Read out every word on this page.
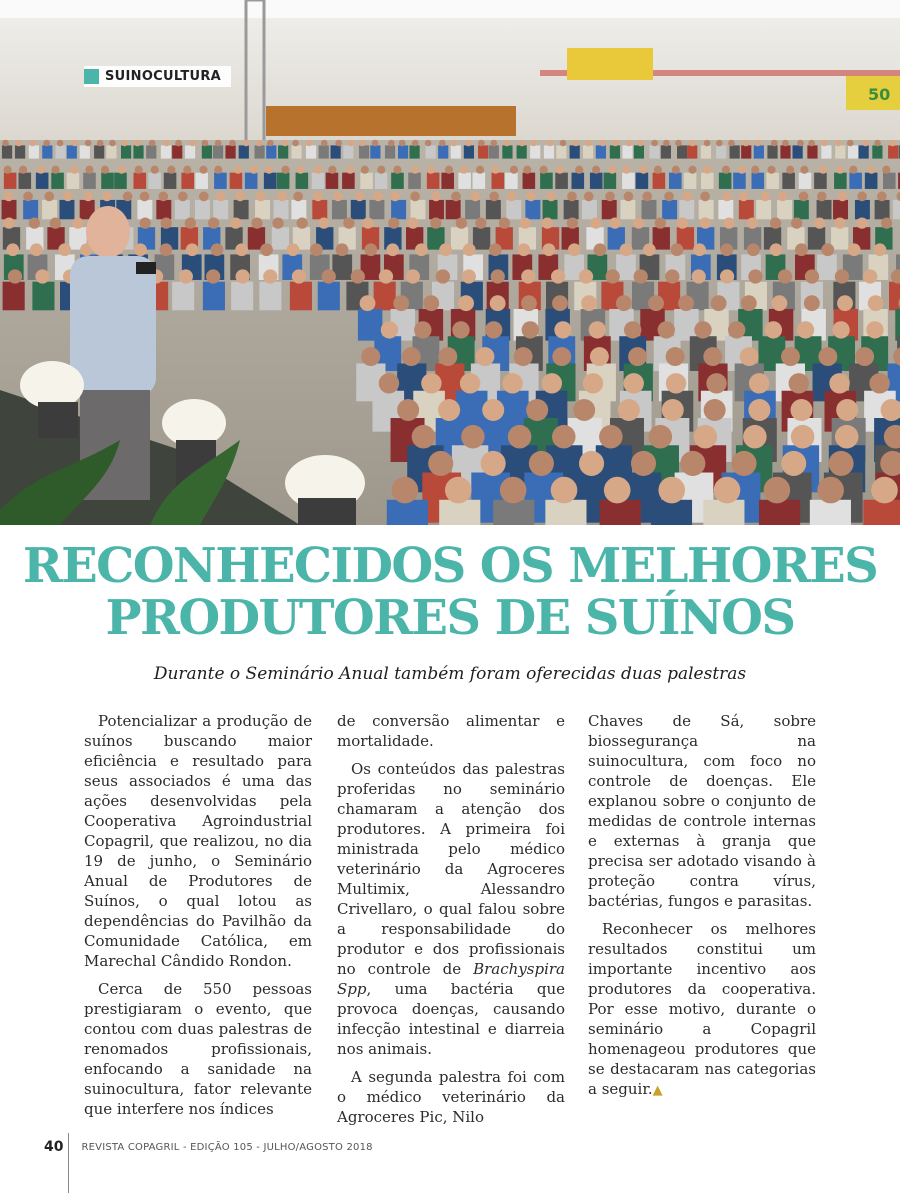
50
SUINOCULTURA
RECONHECIDOS OS MELHORES
PRODUTORES DE SUÍNOS
Durante o Seminário Anual também foram oferecidas duas palestras

Potencializar a produção de suínos buscando maior eficiência e resultado para seus associados é uma das ações desenvolvidas pela Cooperativa Agroindustrial Copagril, que realizou, no dia 19 de junho, o Seminário Anual de Produtores de Suínos, o qual lotou as dependências do Pavilhão da Comunidade Católica, em Marechal Cândido Rondon.

Cerca de 550 pessoas prestigiaram o evento, que contou com duas palestras de renomados profissionais, enfocando a sanidade na suinocultura, fator relevante que interfere nos índices

de conversão alimentar e mortalidade.

Os conteúdos das palestras proferidas no seminário chamaram a atenção dos produtores. A primeira foi ministrada pelo médico veterinário da Agroceres Multimix, Alessandro Crivellaro, o qual falou sobre a responsabilidade do produtor e dos profissionais no controle de Brachyspira Spp, uma bactéria que provoca doenças, causando infecção intestinal e diarreia nos animais.

A segunda palestra foi com o médico veterinário da Agroceres Pic, Nilo

Chaves de Sá, sobre biossegurança na suinocultura, com foco no controle de doenças. Ele explanou sobre o conjunto de medidas de controle internas e externas à granja que precisa ser adotado visando à proteção contra vírus, bactérias, fungos e parasitas.

Reconhecer os melhores resultados constitui um importante incentivo aos produtores da cooperativa. Por esse motivo, durante o seminário a Copagril homenageou produtores que se destacaram nas categorias a seguir.▲

40 REVISTA COPAGRIL - EDIÇÃO 105 - JULHO/AGOSTO 2018
